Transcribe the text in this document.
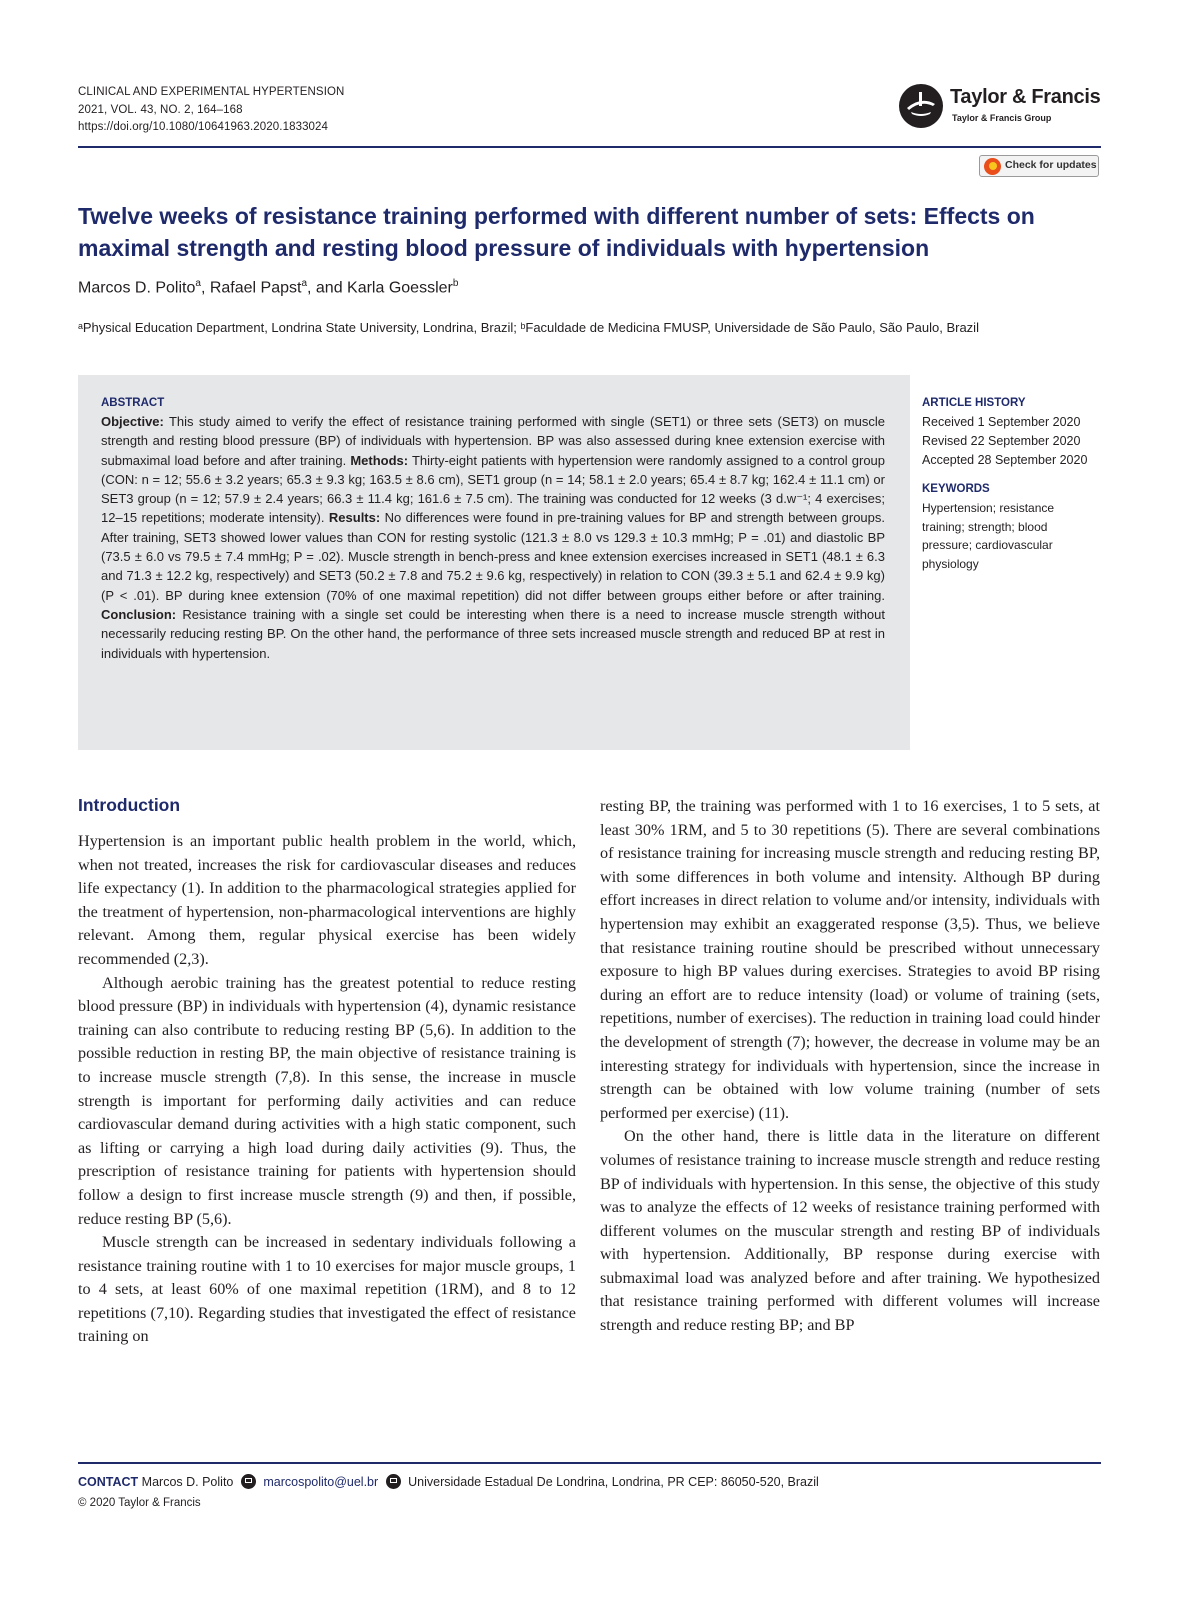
CLINICAL AND EXPERIMENTAL HYPERTENSION
2021, VOL. 43, NO. 2, 164–168
https://doi.org/10.1080/10641963.2020.1833024
Taylor & Francis
Taylor & Francis Group
Check for updates
Twelve weeks of resistance training performed with different number of sets: Effects on maximal strength and resting blood pressure of individuals with hypertension
Marcos D. Polito$^a$, Rafael Papst$^a$, and Karla Goessler$^b$
ᵃPhysical Education Department, Londrina State University, Londrina, Brazil; ᵇFaculdade de Medicina FMUSP, Universidade de São Paulo, São Paulo, Brazil
ABSTRACT
Objective: This study aimed to verify the effect of resistance training performed with single (SET1) or three sets (SET3) on muscle strength and resting blood pressure (BP) of individuals with hypertension. BP was also assessed during knee extension exercise with submaximal load before and after training. Methods: Thirty-eight patients with hypertension were randomly assigned to a control group (CON: n = 12; 55.6 ± 3.2 years; 65.3 ± 9.3 kg; 163.5 ± 8.6 cm), SET1 group (n = 14; 58.1 ± 2.0 years; 65.4 ± 8.7 kg; 162.4 ± 11.1 cm) or SET3 group (n = 12; 57.9 ± 2.4 years; 66.3 ± 11.4 kg; 161.6 ± 7.5 cm). The training was conducted for 12 weeks (3 d.w⁻¹; 4 exercises; 12–15 repetitions; moderate intensity). Results: No differences were found in pre-training values for BP and strength between groups. After training, SET3 showed lower values than CON for resting systolic (121.3 ± 8.0 vs 129.3 ± 10.3 mmHg; P = .01) and diastolic BP (73.5 ± 6.0 vs 79.5 ± 7.4 mmHg; P = .02). Muscle strength in bench-press and knee extension exercises increased in SET1 (48.1 ± 6.3 and 71.3 ± 12.2 kg, respectively) and SET3 (50.2 ± 7.8 and 75.2 ± 9.6 kg, respectively) in relation to CON (39.3 ± 5.1 and 62.4 ± 9.9 kg) (P < .01). BP during knee extension (70% of one maximal repetition) did not differ between groups either before or after training. Conclusion: Resistance training with a single set could be interesting when there is a need to increase muscle strength without necessarily reducing resting BP. On the other hand, the performance of three sets increased muscle strength and reduced BP at rest in individuals with hypertension.
ARTICLE HISTORY
Received 1 September 2020
Revised 22 September 2020
Accepted 28 September 2020
KEYWORDS
Hypertension; resistance training; strength; blood pressure; cardiovascular physiology
Introduction

Hypertension is an important public health problem in the world, which, when not treated, increases the risk for cardiovascular diseases and reduces life expectancy (1). In addition to the pharmacological strategies applied for the treatment of hypertension, non-pharmacological interventions are highly relevant. Among them, regular physical exercise has been widely recommended (2,3).

Although aerobic training has the greatest potential to reduce resting blood pressure (BP) in individuals with hypertension (4), dynamic resistance training can also contribute to reducing resting BP (5,6). In addition to the possible reduction in resting BP, the main objective of resistance training is to increase muscle strength (7,8). In this sense, the increase in muscle strength is important for performing daily activities and can reduce cardiovascular demand during activities with a high static component, such as lifting or carrying a high load during daily activities (9). Thus, the prescription of resistance training for patients with hypertension should follow a design to first increase muscle strength (9) and then, if possible, reduce resting BP (5,6).

Muscle strength can be increased in sedentary individuals following a resistance training routine with 1 to 10 exercises for major muscle groups, 1 to 4 sets, at least 60% of one maximal repetition (1RM), and 8 to 12 repetitions (7,10). Regarding studies that investigated the effect of resistance training on

resting BP, the training was performed with 1 to 16 exercises, 1 to 5 sets, at least 30% 1RM, and 5 to 30 repetitions (5). There are several combinations of resistance training for increasing muscle strength and reducing resting BP, with some differences in both volume and intensity. Although BP during effort increases in direct relation to volume and/or intensity, individuals with hypertension may exhibit an exaggerated response (3,5). Thus, we believe that resistance training routine should be prescribed without unnecessary exposure to high BP values during exercises. Strategies to avoid BP rising during an effort are to reduce intensity (load) or volume of training (sets, repetitions, number of exercises). The reduction in training load could hinder the development of strength (7); however, the decrease in volume may be an interesting strategy for individuals with hypertension, since the increase in strength can be obtained with low volume training (number of sets performed per exercise) (11).

On the other hand, there is little data in the literature on different volumes of resistance training to increase muscle strength and reduce resting BP of individuals with hypertension. In this sense, the objective of this study was to analyze the effects of 12 weeks of resistance training performed with different volumes on the muscular strength and resting BP of individuals with hypertension. Additionally, BP response during exercise with submaximal load was analyzed before and after training. We hypothesized that resistance training performed with different volumes will increase strength and reduce resting BP; and BP

CONTACT Marcos D. Polito marcospolito@uel.br Universidade Estadual De Londrina, Londrina, PR CEP: 86050-520, Brazil
© 2020 Taylor & Francis
